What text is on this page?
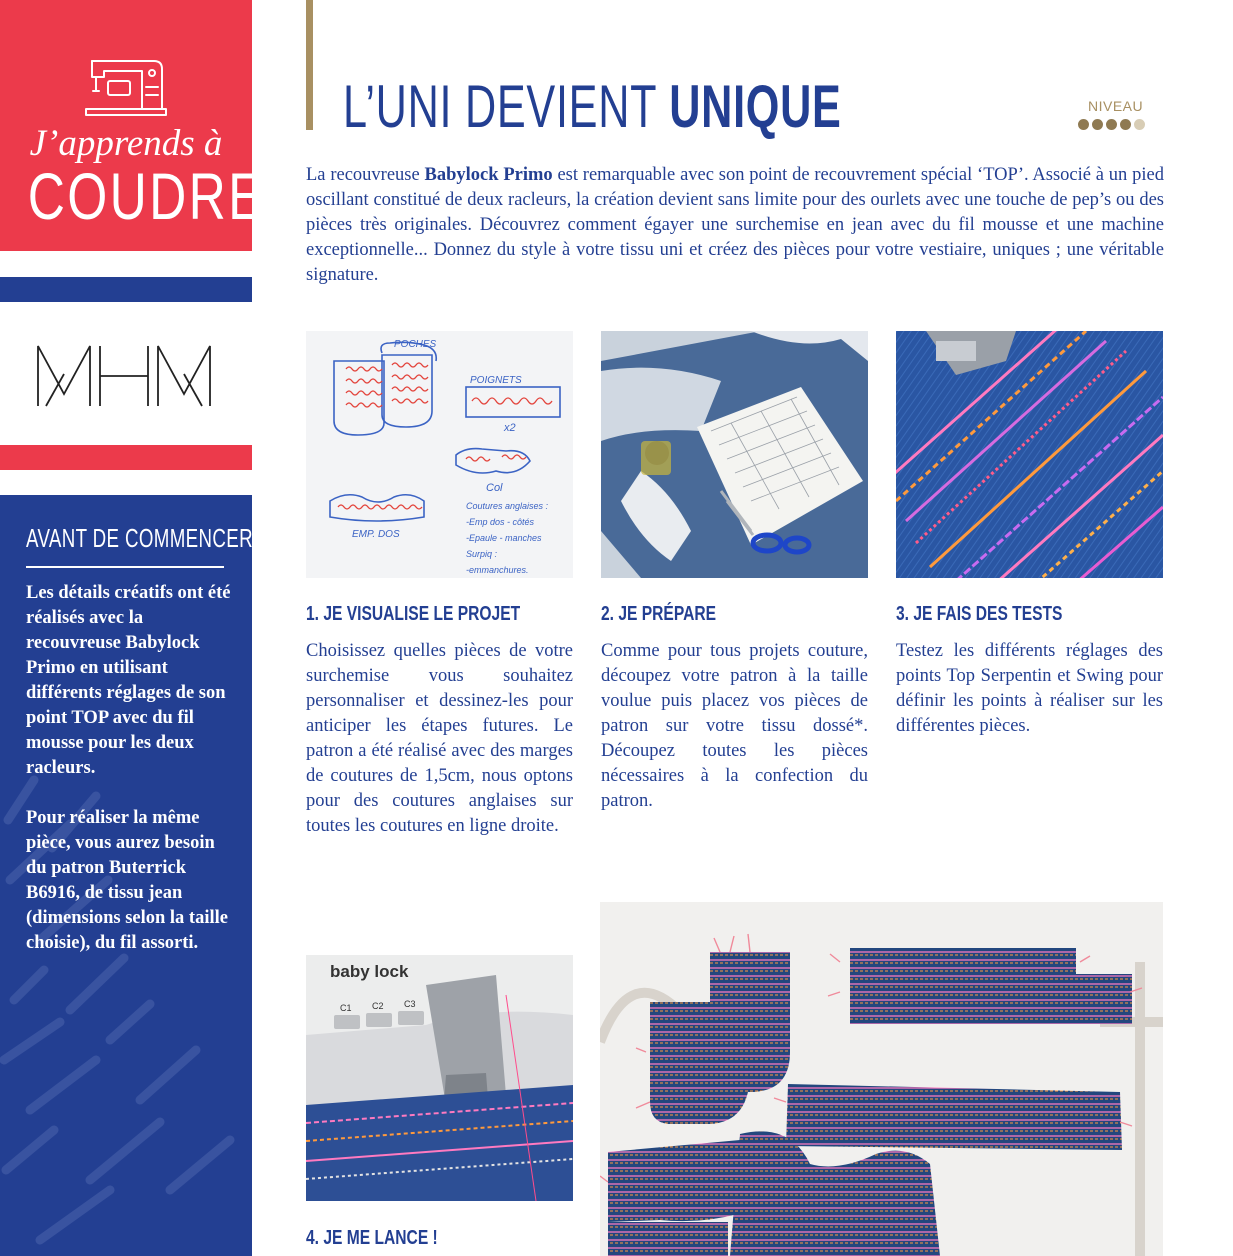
J’apprends à
COUDRE
AVANT DE COMMENCER

Les détails créatifs ont été réalisés avec la recouvreuse Babylock Primo en utilisant différents réglages de son point TOP avec du fil mousse pour les deux racleurs.

Pour réaliser la même pièce, vous aurez besoin du patron Buterrick B6916, de tissu jean (dimensions selon la taille choisie), du fil assorti.

L’UNI DEVIENT UNIQUE	NIVEAU
La recouvreuse Babylock Primo est remarquable avec son point de recouvrement spécial ‘TOP’. Associé à un pied oscillant constitué de deux racleurs, la création devient sans limite pour des ourlets avec une touche de pep’s ou des pièces très originales. Découvrez comment égayer une surchemise en jean avec du fil mousse et une machine exceptionnelle... Donnez du style à votre tissu uni et créez des pièces pour votre vestiaire, uniques ; une véritable signature.
POCHES
POIGNETS
x2
Col
EMP. DOS
Coutures anglaises :
-Emp dos - côtés
-Epaule - manches
Surpiq :
-emmanchures.
1. JE VISUALISE LE PROJET
Choisissez quelles pièces de votre surchemise vous souhaitez personnaliser et dessinez-les pour anticiper les étapes futures. Le patron a été réalisé avec des marges de coutures de 1,5cm, nous optons pour des coutures anglaises sur toutes les coutures en ligne droite.
2. JE PRÉPARE
Comme pour tous projets couture, découpez votre patron à la taille voulue puis placez vos pièces de patron sur votre tissu dossé*. Découpez toutes les pièces nécessaires à la confection du patron.
3. JE FAIS DES TESTS
Testez les différents réglages des points Top Serpentin et Swing pour définir les points à réaliser sur les différentes pièces.
baby lock
C1 C2 C3
4. JE ME LANCE !
